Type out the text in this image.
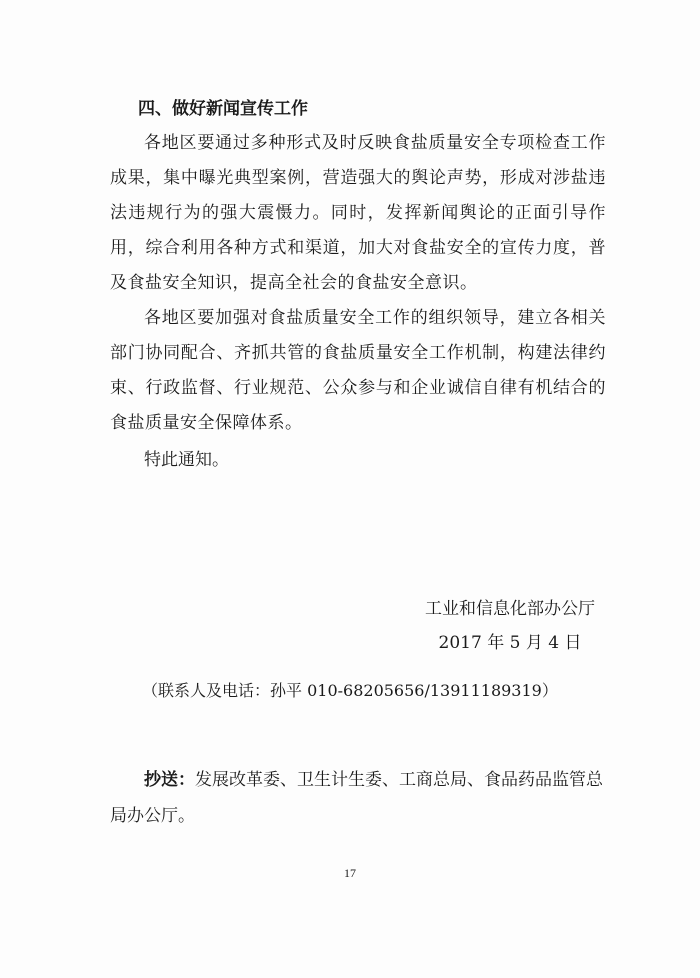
四、做好新闻宣传工作

各地区要通过多种形式及时反映食盐质量安全专项检查工作成果，集中曝光典型案例，营造强大的舆论声势，形成对涉盐违法违规行为的强大震慑力。同时，发挥新闻舆论的正面引导作用，综合利用各种方式和渠道，加大对食盐安全的宣传力度，普及食盐安全知识，提高全社会的食盐安全意识。

各地区要加强对食盐质量安全工作的组织领导，建立各相关部门协同配合、齐抓共管的食盐质量安全工作机制，构建法律约束、行政监督、行业规范、公众参与和企业诚信自律有机结合的食盐质量安全保障体系。

特此通知。

工业和信息化部办公厅
2017 年 5 月 4 日
（联系人及电话：孙平 010-68205656/13911189319）
抄送：发展改革委、卫生计生委、工商总局、食品药品监管总局办公厅。
17
